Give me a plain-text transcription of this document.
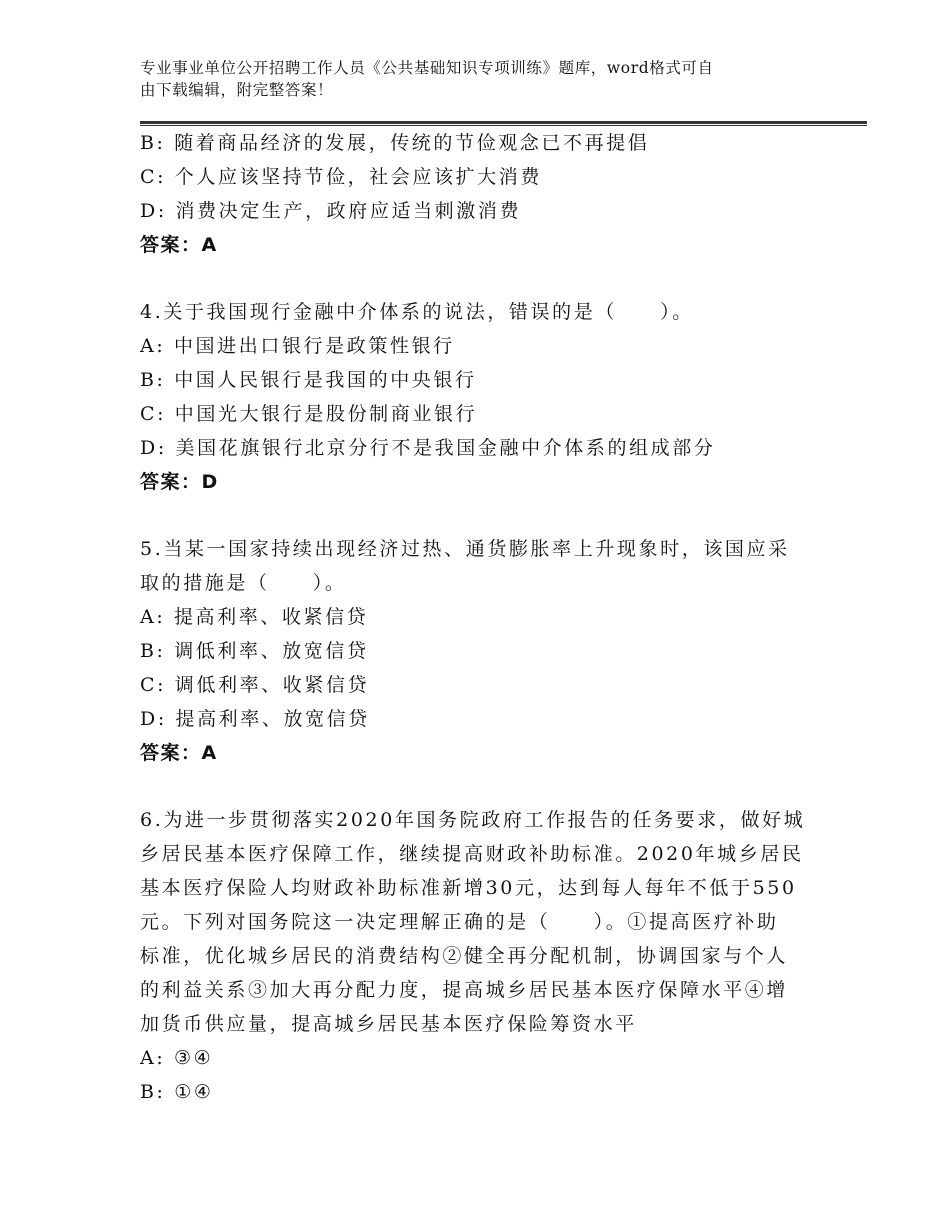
专业事业单位公开招聘工作人员《公共基础知识专项训练》题库，word格式可自
由下载编辑，附完整答案！
B: 随着商品经济的发展，传统的节俭观念已不再提倡
C: 个人应该坚持节俭，社会应该扩大消费
D: 消费决定生产，政府应适当刺激消费
答案：A
4.关于我国现行金融中介体系的说法，错误的是（　　）。
A: 中国进出口银行是政策性银行
B: 中国人民银行是我国的中央银行
C: 中国光大银行是股份制商业银行
D: 美国花旗银行北京分行不是我国金融中介体系的组成部分
答案：D
5.当某一国家持续出现经济过热、通货膨胀率上升现象时，该国应采
取的措施是（　　）。
A: 提高利率、收紧信贷
B: 调低利率、放宽信贷
C: 调低利率、收紧信贷
D: 提高利率、放宽信贷
答案：A
6.为进一步贯彻落实2020年国务院政府工作报告的任务要求，做好城
乡居民基本医疗保障工作，继续提高财政补助标准。2020年城乡居民
基本医疗保险人均财政补助标准新增30元，达到每人每年不低于550
元。下列对国务院这一决定理解正确的是（　　）。①提高医疗补助
标准，优化城乡居民的消费结构②健全再分配机制，协调国家与个人
的利益关系③加大再分配力度，提高城乡居民基本医疗保障水平④增
加货币供应量，提高城乡居民基本医疗保险筹资水平
A: ③④
B: ①④
